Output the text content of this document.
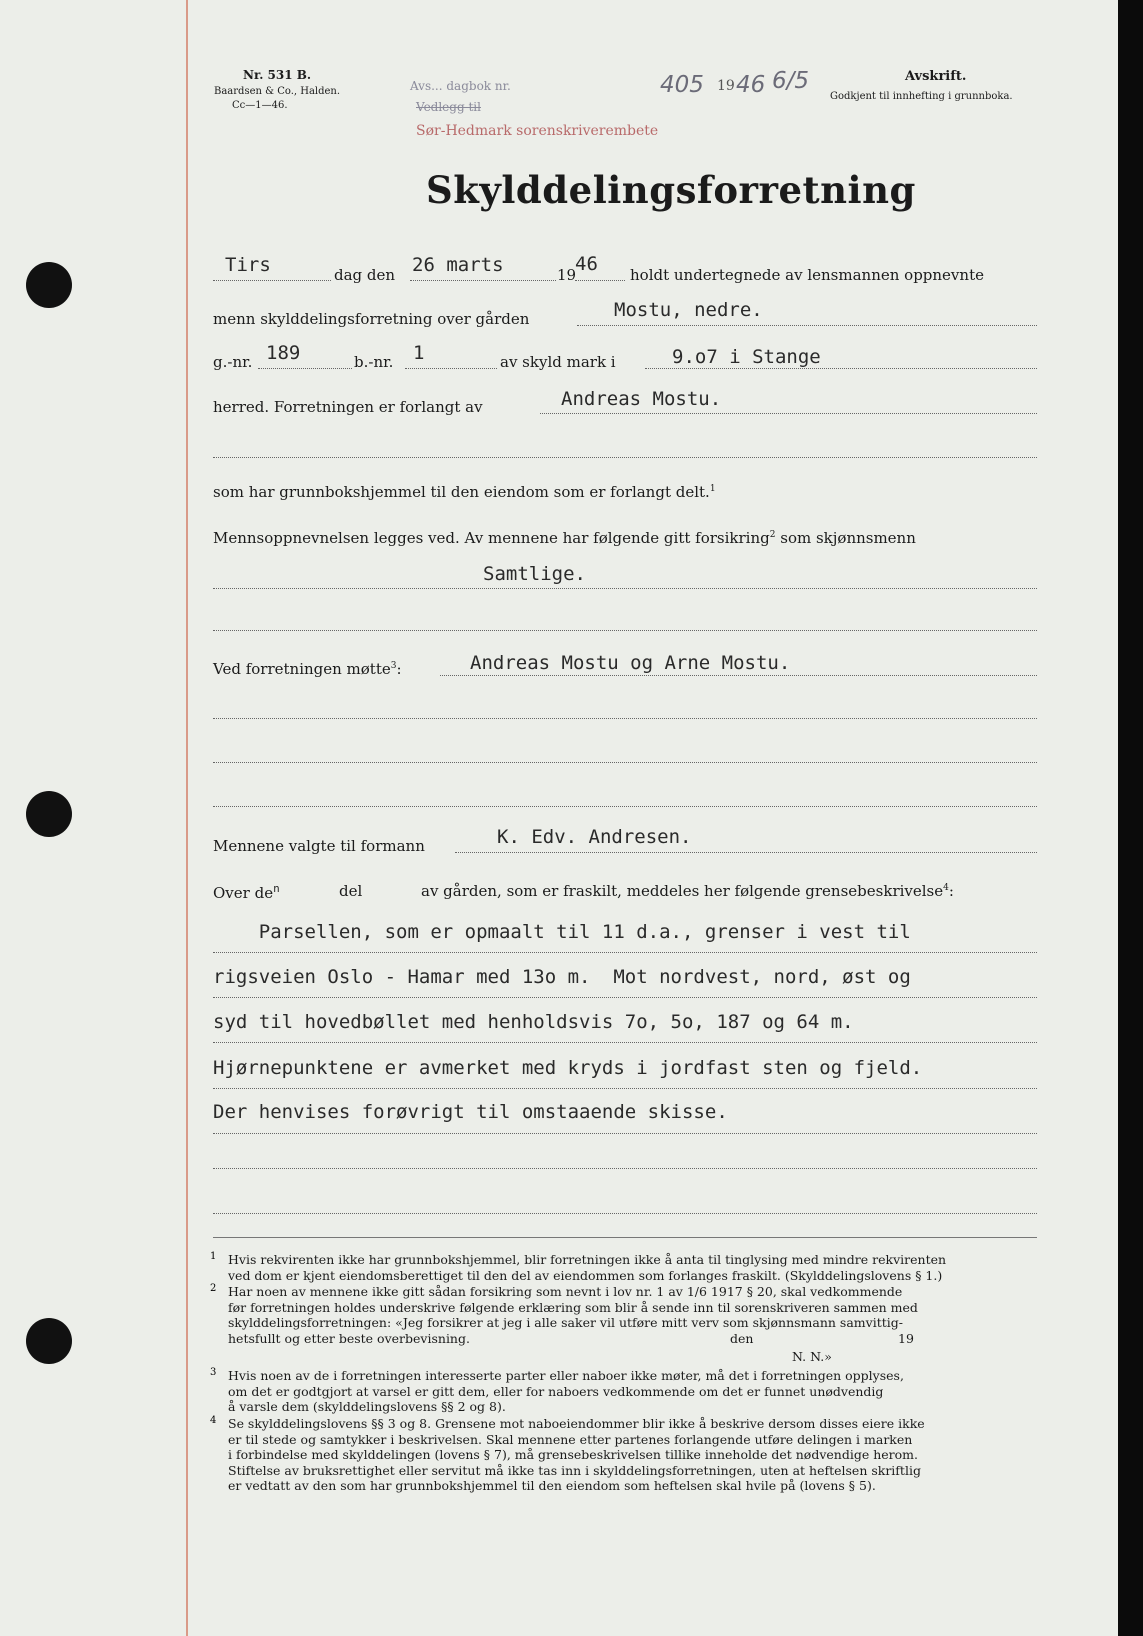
Nr. 531 B.
Baardsen & Co., Halden.
Cc—1—46.
Avs... dagbok nr.	405 19 46 6/5
Vedlegg til
Sør-Hedmark sorenskriverembete
Avskrift.
Godkjent til innhefting i grunnboka.
Skylddelingsforretning
Tirs	dag den 26 marts	19
46 holdt undertegnede av lensmannen oppnevnte
menn skylddelingsforretning over gården	Mostu, nedre.
g.-nr. 189	b.-nr. 1	av skyld mark i	9.o7 i Stange
herred. Forretningen er forlangt av	Andreas Mostu.
som har grunnbokshjemmel til den eiendom som er forlangt delt.$^1$
Mennsoppnevnelsen legges ved. Av mennene har følgende gitt forsikring$^2$ som skjønnsmenn
Samtlige.
Ved forretningen møtte$^3$:	Andreas Mostu og Arne Mostu.
Mennene valgte til formann	K. Edv. Andresen.
Over $de^n$	del	av gården, som er fraskilt, meddeles her følgende grensebeskrivelse$^4$:
Parsellen, som er opmaalt til 11 d.a., grenser i vest til
rigsveien Oslo - Hamar med 13o m.  Mot nordvest, nord, øst og
syd til hovedbøllet med henholdsvis 7o, 5o, 187 og 64 m.
Hjørnepunktene er avmerket med kryds i jordfast sten og fjeld.
Der henvises forøvrigt til omstaaende skisse.
1 Hvis rekvirenten ikke har grunnbokshjemmel, blir forretningen ikke å anta til tinglysing med mindre rekvirenten
ved dom er kjent eiendomsberettiget til den del av eiendommen som forlanges fraskilt. (Skylddelingslovens § 1.)
2 Har noen av mennene ikke gitt sådan forsikring som nevnt i lov nr. 1 av 1/6 1917 § 20, skal vedkommende
før forretningen holdes underskrive følgende erklæring som blir å sende inn til sorenskriveren sammen med
skylddelingsforretningen: «Jeg forsikrer at jeg i alle saker vil utføre mitt verv som skjønnsmann samvittig-
hetsfullt og etter beste overbevisning.	den	19
N. N.»
3 Hvis noen av de i forretningen interesserte parter eller naboer ikke møter, må det i forretningen opplyses,
om det er godtgjort at varsel er gitt dem, eller for naboers vedkommende om det er funnet unødvendig
å varsle dem (skylddelingslovens §§ 2 og 8).
4 Se skylddelingslovens §§ 3 og 8. Grensene mot naboeiendommer blir ikke å beskrive dersom disses eiere ikke
er til stede og samtykker i beskrivelsen. Skal mennene etter partenes forlangende utføre delingen i marken
i forbindelse med skylddelingen (lovens § 7), må grensebeskrivelsen tillike inneholde det nødvendige herom.
Stiftelse av bruksrettighet eller servitut må ikke tas inn i skylddelingsforretningen, uten at heftelsen skriftlig
er vedtatt av den som har grunnbokshjemmel til den eiendom som heftelsen skal hvile på (lovens § 5).
